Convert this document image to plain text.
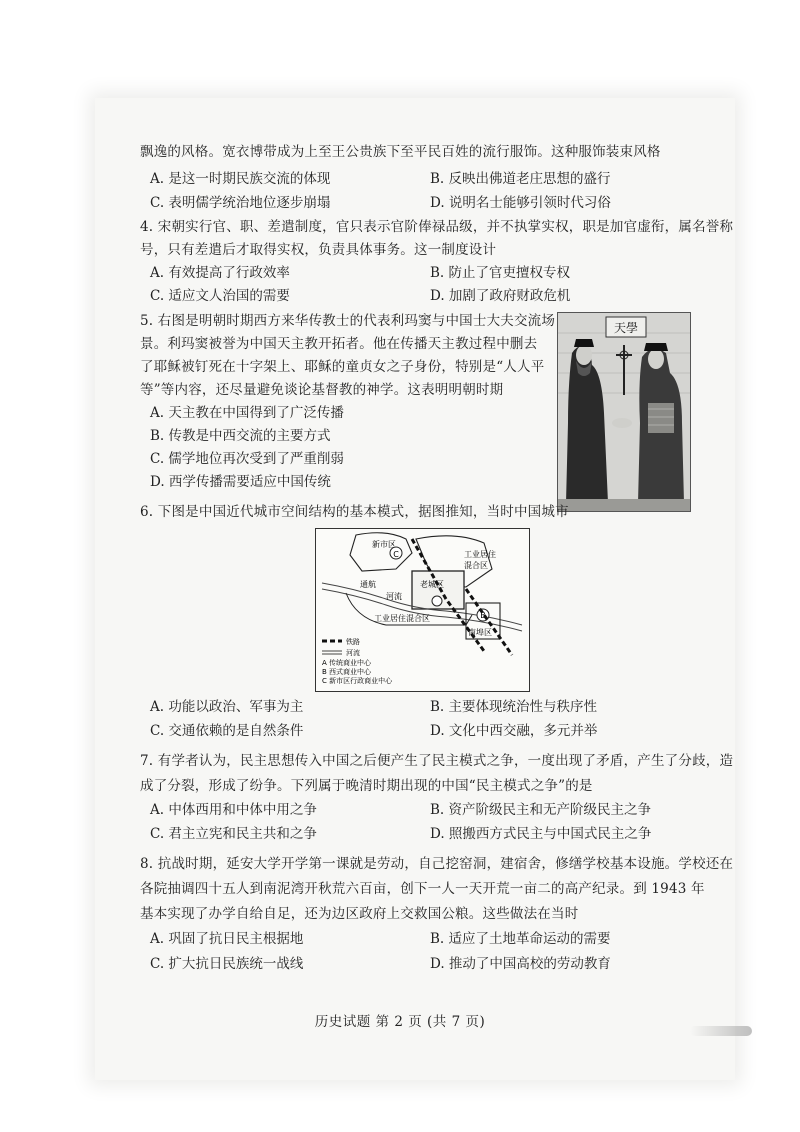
飘逸的风格。宽衣博带成为上至王公贵族下至平民百姓的流行服饰。这种服饰装束风格
A. 是这一时期民族交流的体现	B. 反映出佛道老庄思想的盛行
C. 表明儒学统治地位逐步崩塌	D. 说明名士能够引领时代习俗
4. 宋朝实行官、职、差遣制度，官只表示官阶俸禄品级，并不执掌实权，职是加官虚衔，属名誉称
号，只有差遣后才取得实权，负责具体事务。这一制度设计
A. 有效提高了行政效率	B. 防止了官吏擅权专权
C. 适应文人治国的需要	D. 加剧了政府财政危机
5. 右图是明朝时期西方来华传教士的代表利玛窦与中国士大夫交流场
景。利玛窦被誉为中国天主教开拓者。他在传播天主教过程中删去
了耶稣被钉死在十字架上、耶稣的童贞女之子身份，特别是“人人平
等”等内容，还尽量避免谈论基督教的神学。这表明明朝时期
A. 天主教在中国得到了广泛传播
B. 传教是中西交流的主要方式
C. 儒学地位再次受到了严重削弱
D. 西学传播需要适应中国传统
天學
6. 下图是中国近代城市空间结构的基本模式，据图推知，当时中国城市
C
新市区
工业居住
混合区
老城区
通航
河流
工业居住混合区	B
南埠区
铁路
河流
A 传统商业中心
B 西式商业中心
C 新市区行政商业中心
A. 功能以政治、军事为主	B. 主要体现统治性与秩序性
C. 交通依赖的是自然条件	D. 文化中西交融，多元并举
7. 有学者认为，民主思想传入中国之后便产生了民主模式之争，一度出现了矛盾，产生了分歧，造
成了分裂，形成了纷争。下列属于晚清时期出现的中国“民主模式之争”的是
A. 中体西用和中体中用之争	B. 资产阶级民主和无产阶级民主之争
C. 君主立宪和民主共和之争	D. 照搬西方式民主与中国式民主之争
8. 抗战时期，延安大学开学第一课就是劳动，自己挖窑洞，建宿舍，修缮学校基本设施。学校还在
各院抽调四十五人到南泥湾开秋荒六百亩，创下一人一天开荒一亩二的高产纪录。到 1943 年
基本实现了办学自给自足，还为边区政府上交救国公粮。这些做法在当时
A. 巩固了抗日民主根据地	B. 适应了土地革命运动的需要
C. 扩大抗日民族统一战线	D. 推动了中国高校的劳动教育
历史试题 第 2 页 (共 7 页)
